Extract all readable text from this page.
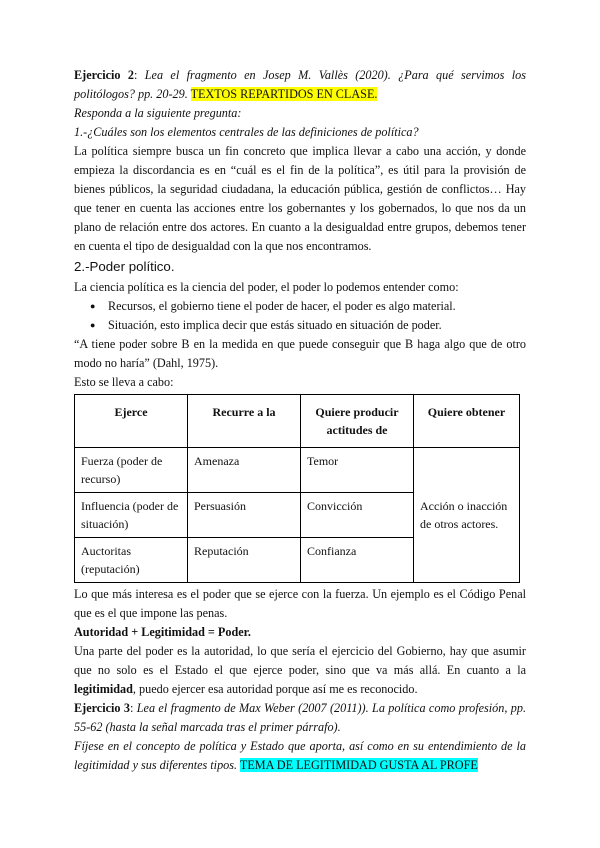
Ejercicio 2: Lea el fragmento en Josep M. Vallès (2020). ¿Para qué servimos los politólogos? pp. 20-29. TEXTOS REPARTIDOS EN CLASE.

Responda a la siguiente pregunta:

1.-¿Cuáles son los elementos centrales de las definiciones de política?

La política siempre busca un fin concreto que implica llevar a cabo una acción, y donde empieza la discordancia es en “cuál es el fin de la política”, es útil para la provisión de bienes públicos, la seguridad ciudadana, la educación pública, gestión de conflictos… Hay que tener en cuenta las acciones entre los gobernantes y los gobernados, lo que nos da un plano de relación entre dos actores. En cuanto a la desigualdad entre grupos, debemos tener en cuenta el tipo de desigualdad con la que nos encontramos.

2.-Poder político.

La ciencia política es la ciencia del poder, el poder lo podemos entender como:

● Recursos, el gobierno tiene el poder de hacer, el poder es algo material.
● Situación, esto implica decir que estás situado en situación de poder.

“A tiene poder sobre B en la medida en que puede conseguir que B haga algo que de otro modo no haría” (Dahl, 1975).

Esto se lleva a cabo:

Ejerce	Recurre a la	Quiere producir actitudes de	Quiere obtener
Fuerza (poder de recurso)	Amenaza	Temor	Acción o inacción de otros actores.
Influencia (poder de situación)	Persuasión	Convicción	
Auctoritas (reputación)	Reputación	Confianza	

Lo que más interesa es el poder que se ejerce con la fuerza. Un ejemplo es el Código Penal que es el que impone las penas.

Autoridad + Legitimidad = Poder.

Una parte del poder es la autoridad, lo que sería el ejercicio del Gobierno, hay que asumir que no solo es el Estado el que ejerce poder, sino que va más allá. En cuanto a la legitimidad, puedo ejercer esa autoridad porque así me es reconocido.

Ejercicio 3: Lea el fragmento de Max Weber (2007 (2011)). La política como profesión, pp. 55-62 (hasta la señal marcada tras el primer párrafo).

Fíjese en el concepto de política y Estado que aporta, así como en su entendimiento de la legitimidad y sus diferentes tipos. TEMA DE LEGITIMIDAD GUSTA AL PROFE
